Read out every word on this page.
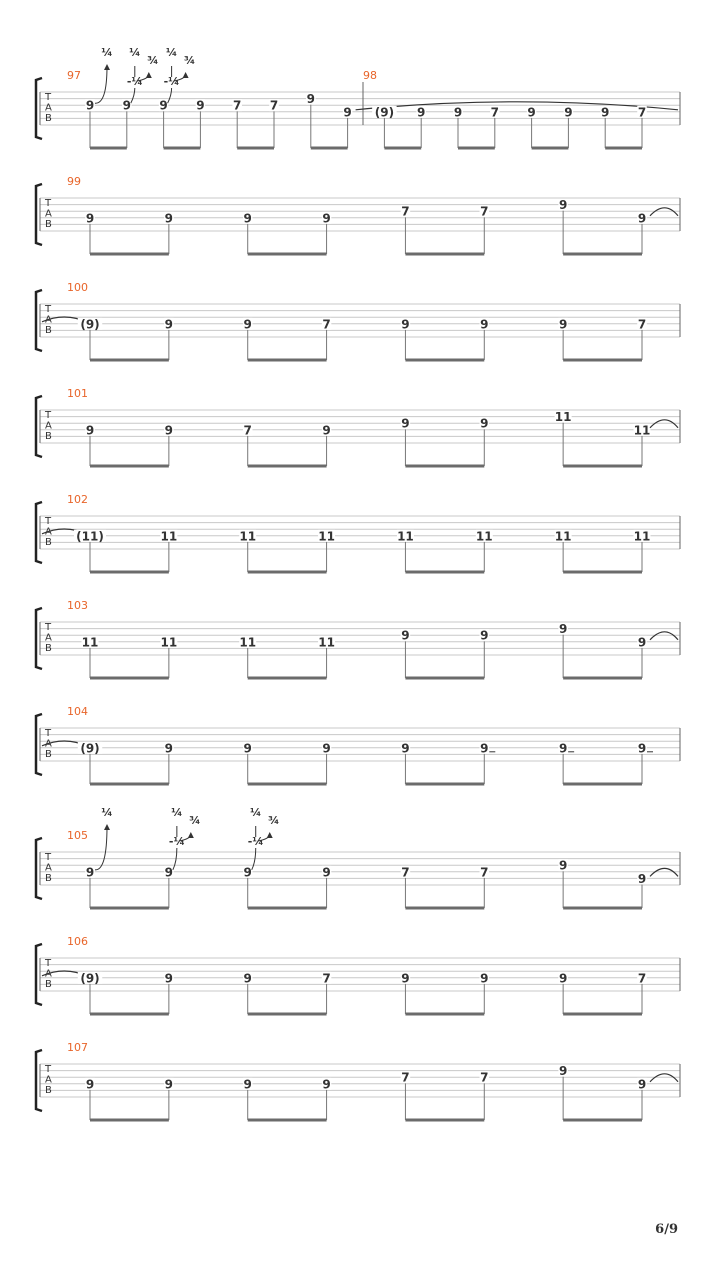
T
A
B
98
97
9 9 9 9 7 7 9
9 (9) 9 9 7 9 9 9 7
¼
-¼
¼
¾
-¼
¼
¾
T
A
B
99
9	9	9	9	7	7	9
9
T
A
B
100
(9)	9	9	7	9	9	9	7
T
A
B
101
9	9	7	9	9	9	11
11
T
A
B
102
(11)	11	11	11	11	11	11	11
T
A
B
103
11	11	11	11	9	9	9
9
T
A
B
104
(9)	9	9	9	9	9	9	9
T
A
B
105
9	9	9	9	7	7	9
9
¼
-¼
¼
¾
-¼
¼
¾
T
A
B
106
(9)	9	9	7	9	9	9	7
T
A
B
107
9	9	9	9	7	7	9
9
6/9
